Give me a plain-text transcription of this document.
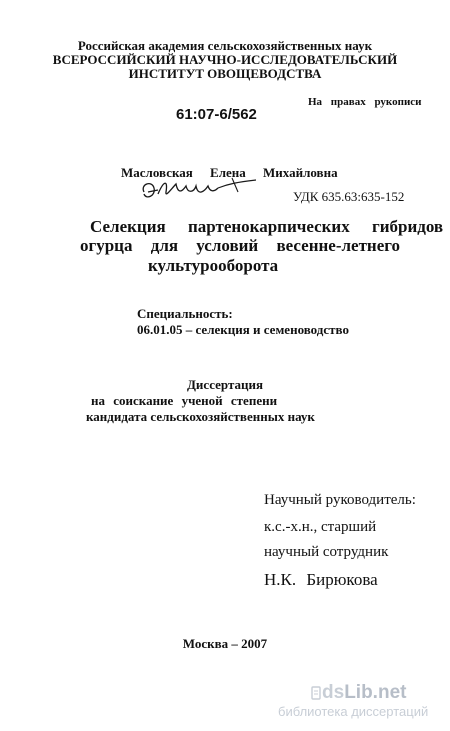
Российская академия сельскохозяйственных наук
ВСЕРОССИЙСКИЙ НАУЧНО-ИССЛЕДОВАТЕЛЬСКИЙ
ИНСТИТУТ ОВОЩЕВОДСТВА
На правах рукописи
61:07-6/562
Масловская Елена Михайловна
УДК 635.63:635-152
Селекция партенокарпических гибридов
огурца для условий весенне-летнего
культурооборота
Специальность:
06.01.05 – селекция и семеноводство
Диссертация
на соискание ученой степени
кандидата сельскохозяйственных наук
Научный руководитель:
к.с.-х.н., старший
научный сотрудник
Н.К. Бирюкова
Москва – 2007
dsLib.net
библиотека диссертаций
